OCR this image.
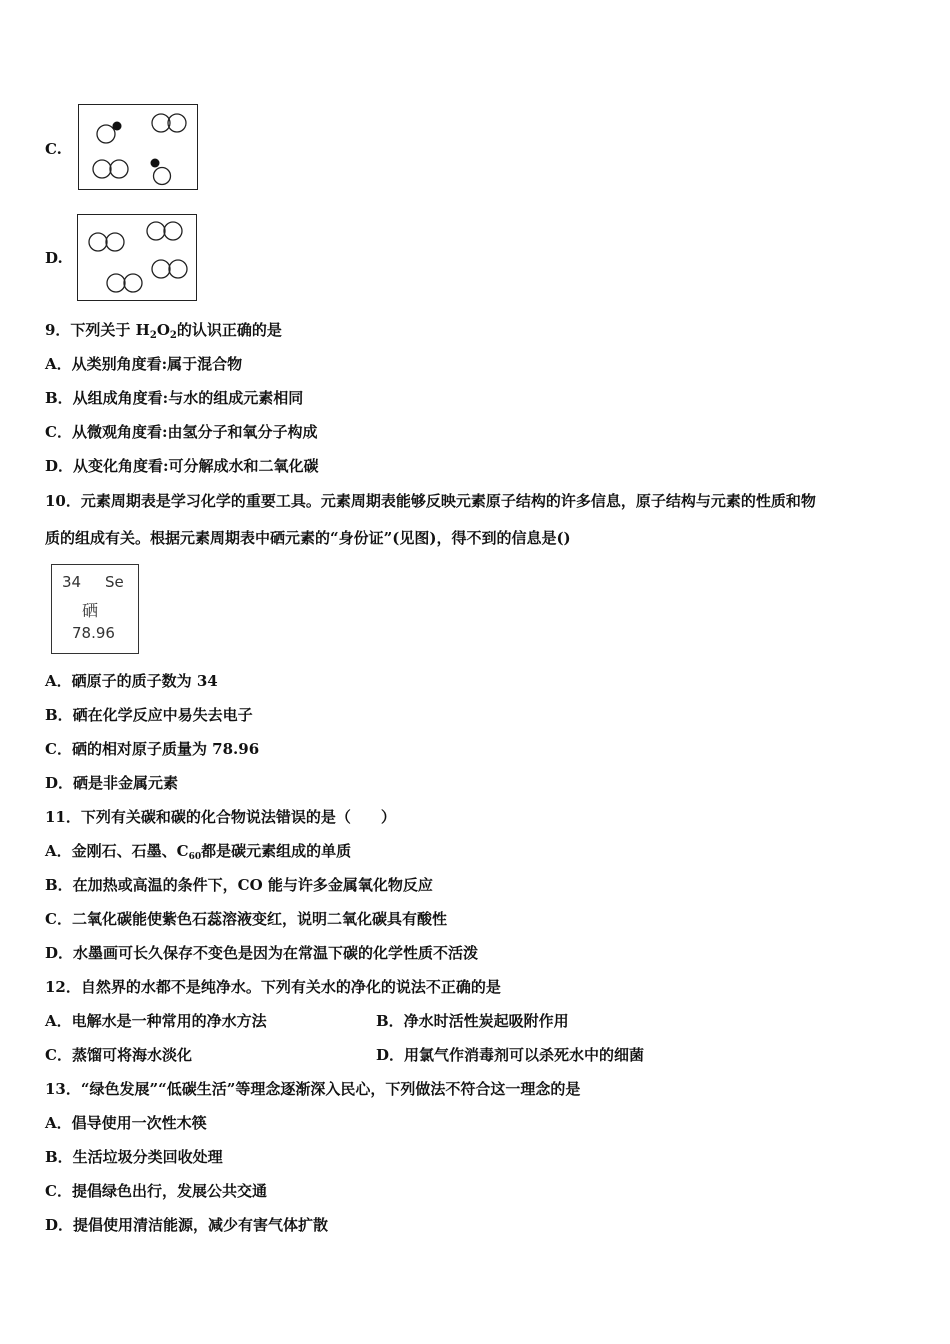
C.
D.
9．下列关于 $H_2O_2$的认识正确的是
A．从类别角度看:属于混合物
B．从组成角度看:与水的组成元素相同
C．从微观角度看:由氢分子和氧分子构成
D．从变化角度看:可分解成水和二氧化碳
10．元素周期表是学习化学的重要工具。元素周期表能够反映元素原子结构的许多信息，原子结构与元素的性质和物
质的组成有关。根据元素周期表中硒元素的“身份证”(见图)，得不到的信息是()
34 Se
硒
78.96
A．硒原子的质子数为 34
B．硒在化学反应中易失去电子
C．硒的相对原子质量为 78.96
D．硒是非金属元素
11．下列有关碳和碳的化合物说法错误的是（　　）
A．金刚石、石墨、$C_{60}$都是碳元素组成的单质
B．在加热或高温的条件下，CO 能与许多金属氧化物反应
C．二氧化碳能使紫色石蕊溶液变红，说明二氧化碳具有酸性
D．水墨画可长久保存不变色是因为在常温下碳的化学性质不活泼
12．自然界的水都不是纯净水。下列有关水的净化的说法不正确的是
A．电解水是一种常用的净水方法	B．净水时活性炭起吸附作用
C．蒸馏可将海水淡化	D．用氯气作消毒剂可以杀死水中的细菌
13．“绿色发展”“低碳生活”等理念逐渐深入民心，下列做法不符合这一理念的是
A．倡导使用一次性木筷
B．生活垃圾分类回收处理
C．提倡绿色出行，发展公共交通
D．提倡使用清洁能源，减少有害气体扩散
